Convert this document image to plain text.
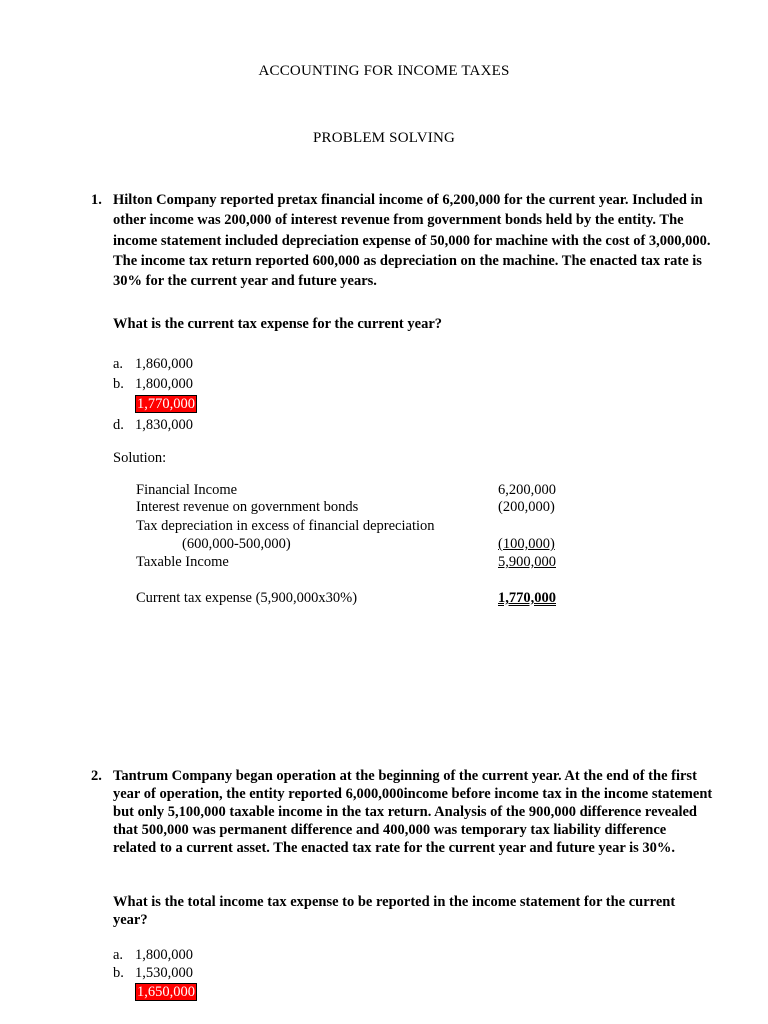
ACCOUNTING FOR INCOME TAXES
PROBLEM SOLVING
1. Hilton Company reported pretax financial income of 6,200,000 for the current year. Included in other income was 200,000 of interest revenue from government bonds held by the entity. The income statement included depreciation expense of 50,000 for machine with the cost of 3,000,000. The income tax return reported 600,000 as depreciation on the machine. The enacted tax rate is 30% for the current year and future years.
What is the current tax expense for the current year?
a. 1,860,000
b. 1,800,000
1,770,000
d. 1,830,000
Solution:
Financial Income	6,200,000
Interest revenue on government bonds	(200,000)
Tax depreciation in excess of financial depreciation
(600,000-500,000)	(100,000)
Taxable Income	5,900,000
Current tax expense (5,900,000x30%)	1,770,000
2. Tantrum Company began operation at the beginning of the current year. At the end of the first year of operation, the entity reported 6,000,000income before income tax in the income statement but only 5,100,000 taxable income in the tax return. Analysis of the 900,000 difference revealed that 500,000 was permanent difference and 400,000 was temporary tax liability difference related to a current asset. The enacted tax rate for the current year and future year is 30%.
What is the total income tax expense to be reported in the income statement for the current year?
a. 1,800,000
b. 1,530,000
1,650,000
